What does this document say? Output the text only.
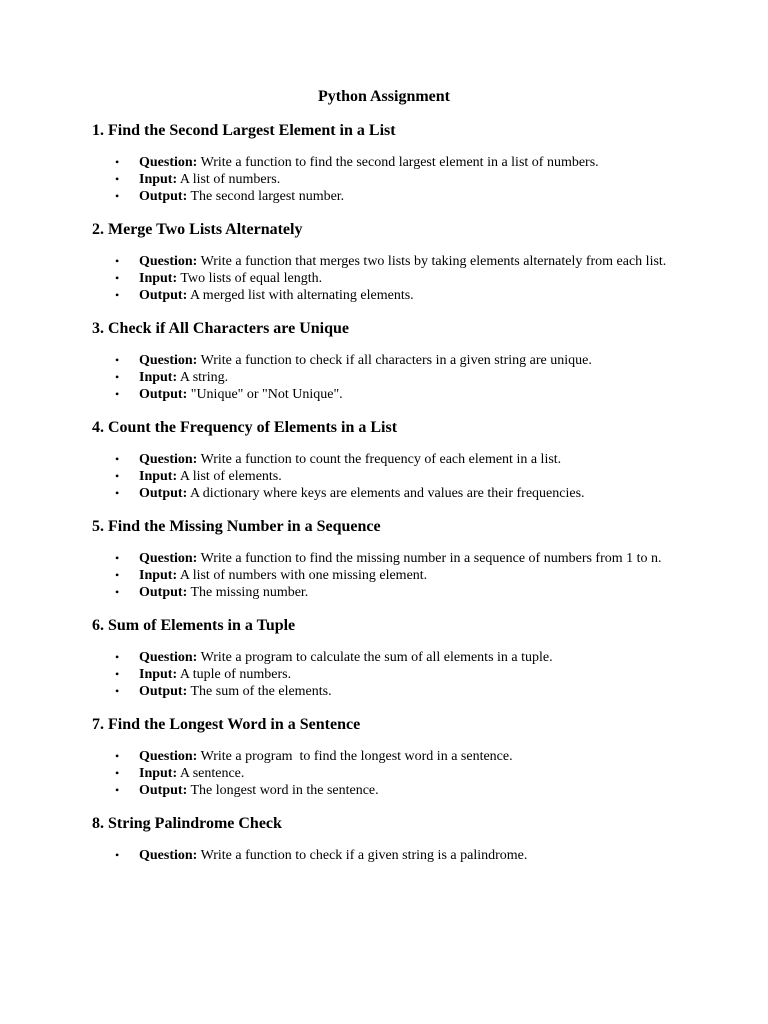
Python Assignment
1. Find the Second Largest Element in a List
• Question: Write a function to find the second largest element in a list of numbers.
• Input: A list of numbers.
• Output: The second largest number.
2. Merge Two Lists Alternately
• Question: Write a function that merges two lists by taking elements alternately from each list.
• Input: Two lists of equal length.
• Output: A merged list with alternating elements.
3. Check if All Characters are Unique
• Question: Write a function to check if all characters in a given string are unique.
• Input: A string.
• Output: "Unique" or "Not Unique".
4. Count the Frequency of Elements in a List
• Question: Write a function to count the frequency of each element in a list.
• Input: A list of elements.
• Output: A dictionary where keys are elements and values are their frequencies.
5. Find the Missing Number in a Sequence
• Question: Write a function to find the missing number in a sequence of numbers from 1 to n.
• Input: A list of numbers with one missing element.
• Output: The missing number.
6. Sum of Elements in a Tuple
• Question: Write a program to calculate the sum of all elements in a tuple.
• Input: A tuple of numbers.
• Output: The sum of the elements.
7. Find the Longest Word in a Sentence
• Question: Write a program  to find the longest word in a sentence.
• Input: A sentence.
• Output: The longest word in the sentence.
8. String Palindrome Check
• Question: Write a function to check if a given string is a palindrome.
